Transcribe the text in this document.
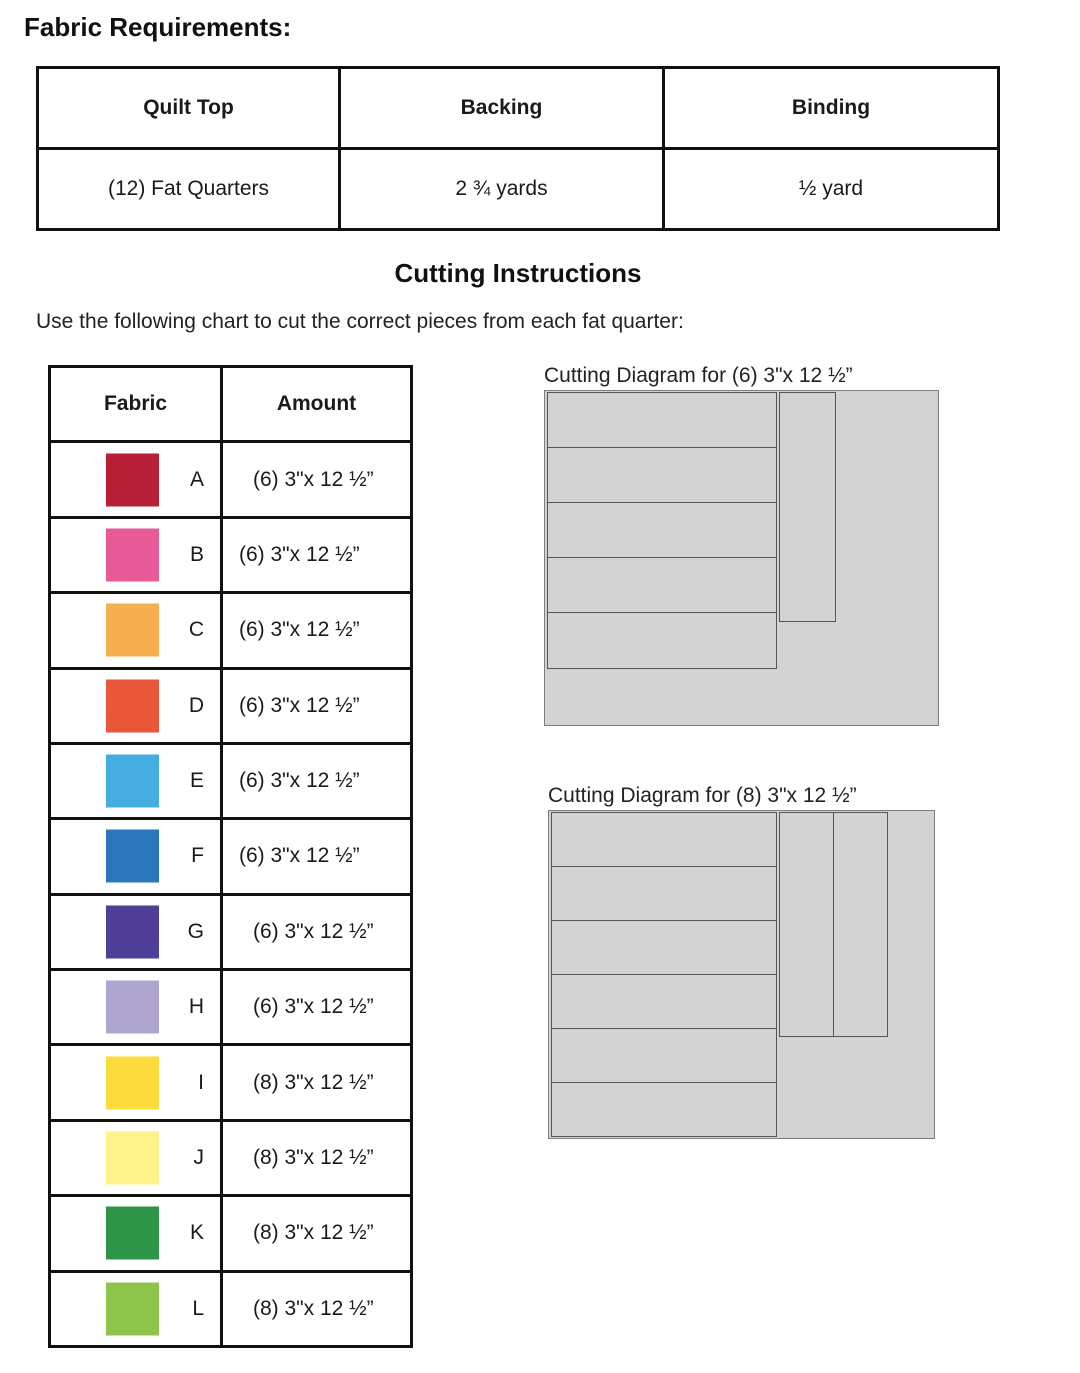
Fabric Requirements:
Quilt Top	Backing	Binding
(12) Fat Quarters	2 ¾ yards	½ yard
Cutting Instructions
Use the following chart to cut the correct pieces from each fat quarter:
Fabric	Amount

A	(6) 3"x 12 ½”

B	(6) 3"x 12 ½”

C	(6) 3"x 12 ½”

D	(6) 3"x 12 ½”

E	(6) 3"x 12 ½”

F	(6) 3"x 12 ½”

G	(6) 3"x 12 ½”

H	(6) 3"x 12 ½”

I	(8) 3"x 12 ½”

J	(8) 3"x 12 ½”

K	(8) 3"x 12 ½”

L	(8) 3"x 12 ½”
Cutting Diagram for (6) 3"x 12 ½”
Cutting Diagram for (8) 3"x 12 ½”
